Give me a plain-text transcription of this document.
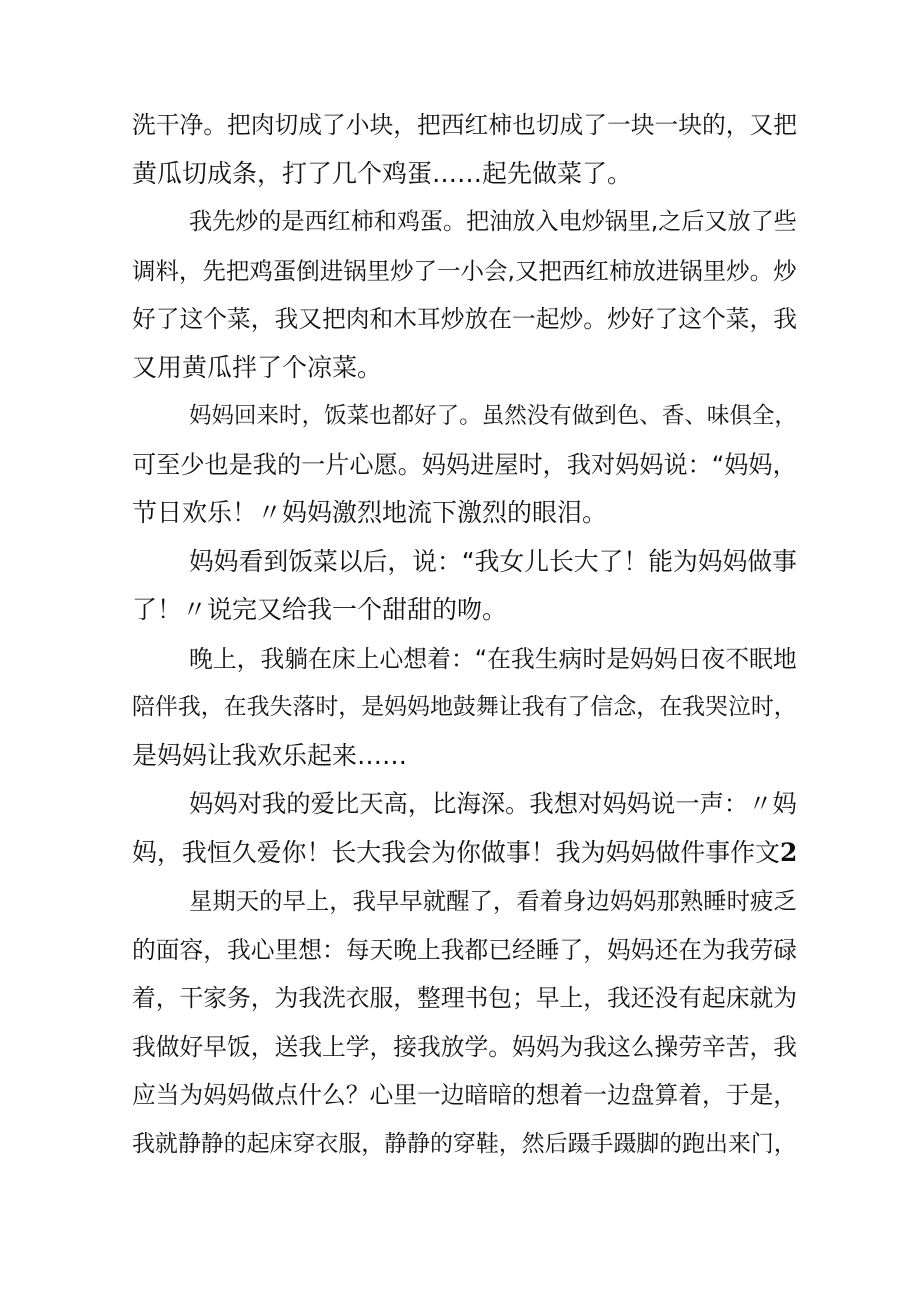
洗干净。把肉切成了小块，把西红柿也切成了一块一块的，又把
黄瓜切成条，打了几个鸡蛋……起先做菜了。
我先炒的是西红柿和鸡蛋。把油放入电炒锅里,之后又放了些
调料，先把鸡蛋倒进锅里炒了一小会,又把西红柿放进锅里炒。炒
好了这个菜，我又把肉和木耳炒放在一起炒。炒好了这个菜，我
又用黄瓜拌了个凉菜。
妈妈回来时，饭菜也都好了。虽然没有做到色、香、味俱全，
可至少也是我的一片心愿。妈妈进屋时，我对妈妈说：“妈妈，
节日欢乐！〃妈妈激烈地流下激烈的眼泪。
妈妈看到饭菜以后，说：“我女儿长大了！能为妈妈做事
了！〃说完又给我一个甜甜的吻。
晚上，我躺在床上心想着：“在我生病时是妈妈日夜不眠地
陪伴我，在我失落时，是妈妈地鼓舞让我有了信念，在我哭泣时，
是妈妈让我欢乐起来……
妈妈对我的爱比天高，比海深。我想对妈妈说一声：〃妈
妈，我恒久爱你！长大我会为你做事！我为妈妈做件事作文2
星期天的早上，我早早就醒了，看着身边妈妈那熟睡时疲乏
的面容，我心里想：每天晚上我都已经睡了，妈妈还在为我劳碌
着，干家务，为我洗衣服，整理书包；早上，我还没有起床就为
我做好早饭，送我上学，接我放学。妈妈为我这么操劳辛苦，我
应当为妈妈做点什么？心里一边暗暗的想着一边盘算着，于是，
我就静静的起床穿衣服，静静的穿鞋，然后蹑手蹑脚的跑出来门，
